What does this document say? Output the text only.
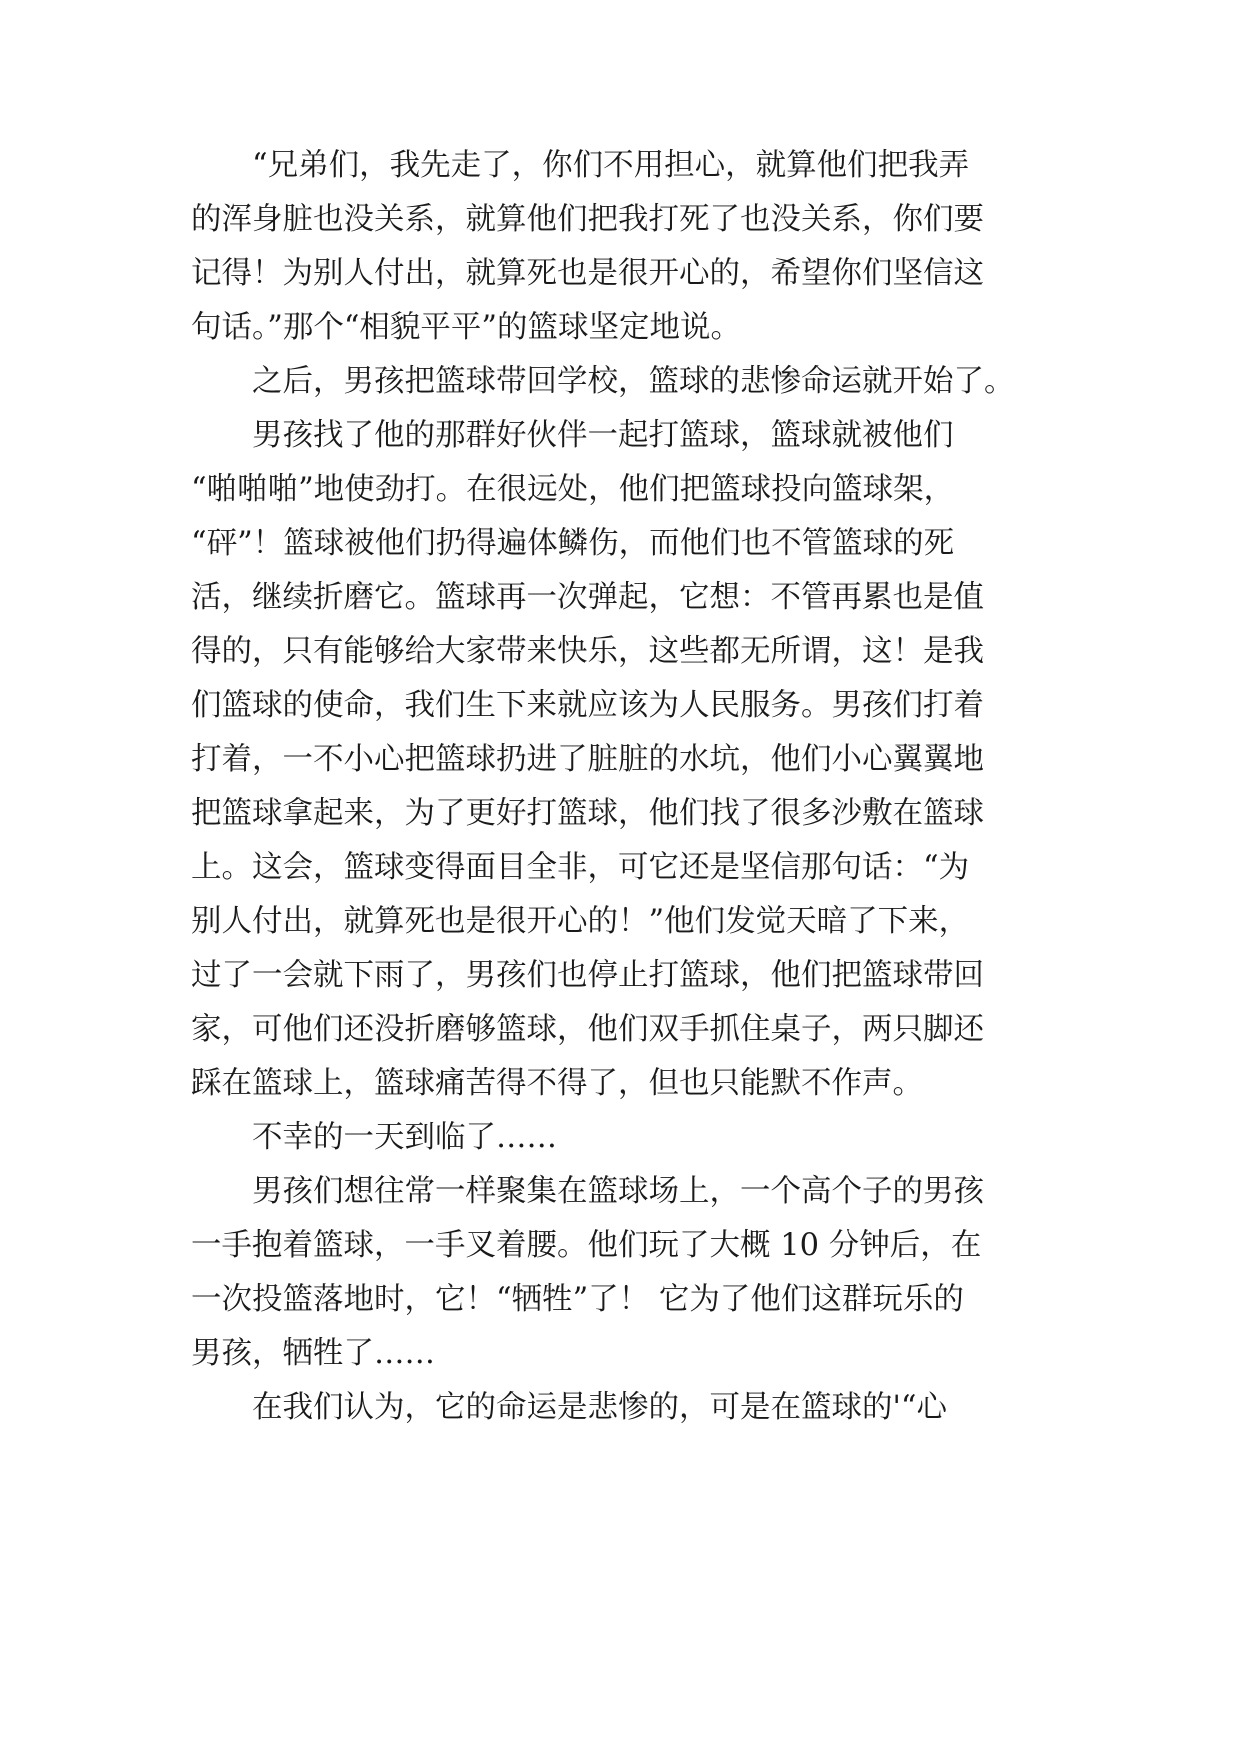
　　“兄弟们，我先走了，你们不用担心，就算他们把我弄
的浑身脏也没关系，就算他们把我打死了也没关系，你们要
记得！为别人付出，就算死也是很开心的，希望你们坚信这
句话。”那个“相貌平平”的篮球坚定地说。
　　之后，男孩把篮球带回学校，篮球的悲惨命运就开始了。
　　男孩找了他的那群好伙伴一起打篮球，篮球就被他们
“啪啪啪”地使劲打。在很远处，他们把篮球投向篮球架，
“砰”！篮球被他们扔得遍体鳞伤，而他们也不管篮球的死
活，继续折磨它。篮球再一次弹起，它想：不管再累也是值
得的，只有能够给大家带来快乐，这些都无所谓，这！是我
们篮球的使命，我们生下来就应该为人民服务。男孩们打着
打着，一不小心把篮球扔进了脏脏的水坑，他们小心翼翼地
把篮球拿起来，为了更好打篮球，他们找了很多沙敷在篮球
上。这会，篮球变得面目全非，可它还是坚信那句话：“为
别人付出，就算死也是很开心的！”他们发觉天暗了下来，
过了一会就下雨了，男孩们也停止打篮球，他们把篮球带回
家，可他们还没折磨够篮球，他们双手抓住桌子，两只脚还
踩在篮球上，篮球痛苦得不得了，但也只能默不作声。
　　不幸的一天到临了……
　　男孩们想往常一样聚集在篮球场上，一个高个子的男孩
一手抱着篮球，一手叉着腰。他们玩了大概 10 分钟后，在
一次投篮落地时，它！“牺牲”了！ 它为了他们这群玩乐的
男孩，牺牲了……
　　在我们认为，它的命运是悲惨的，可是在篮球的'“心
